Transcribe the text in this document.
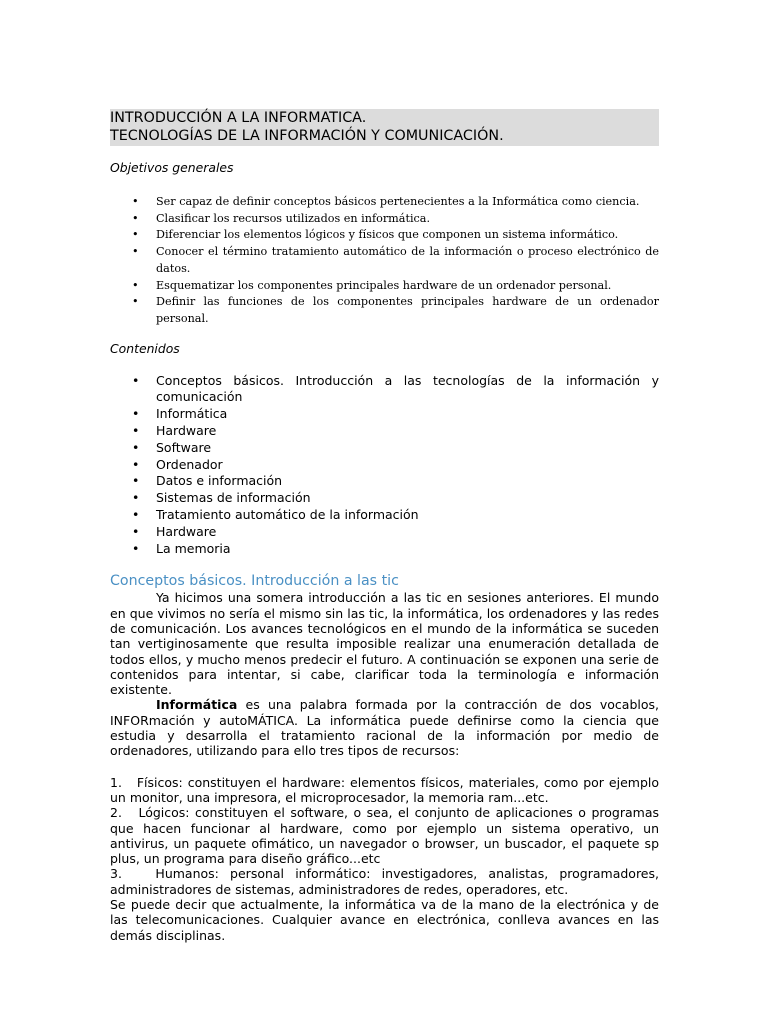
INTRODUCCIÓN A LA INFORMATICA.
TECNOLOGÍAS DE LA INFORMACIÓN Y COMUNICACIÓN.
Objetivos generales
• Ser capaz de definir conceptos básicos pertenecientes a la Informática como ciencia.
• Clasificar los recursos utilizados en informática.
• Diferenciar los elementos lógicos y físicos que componen un sistema informático.
• Conocer el término tratamiento automático de la información o proceso electrónico de datos.
• Esquematizar los componentes principales hardware de un ordenador personal.
• Definir las funciones de los componentes principales hardware de un ordenador personal.
Contenidos
• Conceptos básicos. Introducción a las tecnologías de la información y comunicación
• Informática
• Hardware
• Software
• Ordenador
• Datos e información
• Sistemas de información
• Tratamiento automático de la información
• Hardware
• La memoria
Conceptos básicos. Introducción a las tic

Ya hicimos una somera introducción a las tic en sesiones anteriores. El mundo en que vivimos no sería el mismo sin las tic, la informática, los ordenadores y las redes de comunicación. Los avances tecnológicos en el mundo de la informática se suceden tan vertiginosamente que resulta imposible realizar una enumeración detallada de todos ellos, y mucho menos predecir el futuro. A continuación se exponen una serie de contenidos para intentar, si cabe, clarificar toda la terminología e información existente.

Informática es una palabra formada por la contracción de dos vocablos, INFORmación y autoMÁTICA. La informática puede definirse como la ciencia que estudia y desarrolla el tratamiento racional de la información por medio de ordenadores, utilizando para ello tres tipos de recursos:

1.   Físicos: constituyen el hardware: elementos físicos, materiales, como por ejemplo un monitor, una impresora, el microprocesador, la memoria ram...etc.

2.   Lógicos: constituyen el software, o sea, el conjunto de aplicaciones o programas que hacen funcionar al hardware, como por ejemplo un sistema operativo, un antivirus, un paquete ofimático, un navegador o browser, un buscador, el paquete sp plus, un programa para diseño gráfico...etc

3.   Humanos: personal informático: investigadores, analistas, programadores, administradores de sistemas, administradores de redes, operadores, etc.

Se puede decir que actualmente, la informática va de la mano de la electrónica y de las telecomunicaciones. Cualquier avance en electrónica, conlleva avances en las demás disciplinas.
